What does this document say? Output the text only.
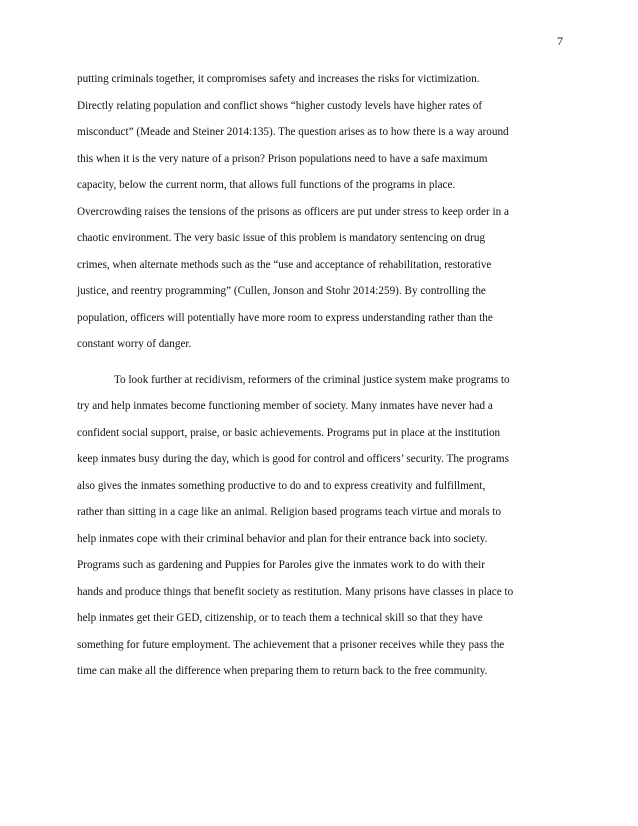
7
putting criminals together, it compromises safety and increases the risks for victimization.
Directly relating population and conflict shows “higher custody levels have higher rates of
misconduct” (Meade and Steiner 2014:135). The question arises as to how there is a way around
this when it is the very nature of a prison? Prison populations need to have a safe maximum
capacity, below the current norm, that allows full functions of the programs in place.
Overcrowding raises the tensions of the prisons as officers are put under stress to keep order in a
chaotic environment. The very basic issue of this problem is mandatory sentencing on drug
crimes, when alternate methods such as the “use and acceptance of rehabilitation, restorative
justice, and reentry programming” (Cullen, Jonson and Stohr 2014:259). By controlling the
population, officers will potentially have more room to express understanding rather than the
constant worry of danger.
To look further at recidivism, reformers of the criminal justice system make programs to
try and help inmates become functioning member of society. Many inmates have never had a
confident social support, praise, or basic achievements. Programs put in place at the institution
keep inmates busy during the day, which is good for control and officers’ security. The programs
also gives the inmates something productive to do and to express creativity and fulfillment,
rather than sitting in a cage like an animal. Religion based programs teach virtue and morals to
help inmates cope with their criminal behavior and plan for their entrance back into society.
Programs such as gardening and Puppies for Paroles give the inmates work to do with their
hands and produce things that benefit society as restitution. Many prisons have classes in place to
help inmates get their GED, citizenship, or to teach them a technical skill so that they have
something for future employment. The achievement that a prisoner receives while they pass the
time can make all the difference when preparing them to return back to the free community.
